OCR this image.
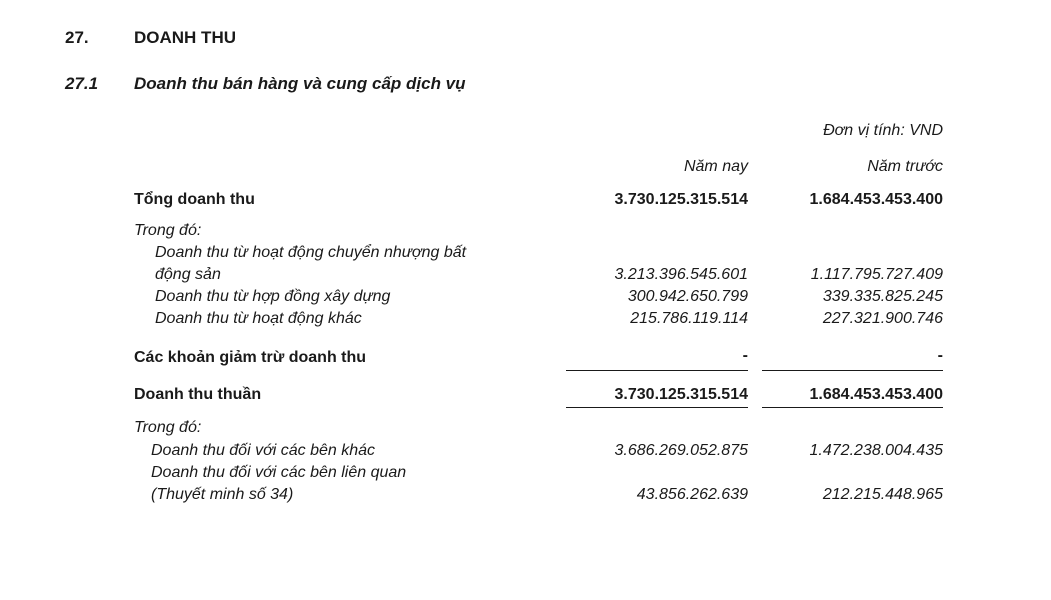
27.	DOANH THU
27.1 Doanh thu bán hàng và cung cấp dịch vụ
Đơn vị tính: VND
Năm nay	Năm trước
Tổng doanh thu	3.730.125.315.514	1.684.453.453.400
Trong đó:
Doanh thu từ hoạt động chuyển nhượng bất
động sản	3.213.396.545.601	1.117.795.727.409
Doanh thu từ hợp đồng xây dựng	300.942.650.799	339.335.825.245
Doanh thu từ hoạt động khác	215.786.119.114	227.321.900.746
Các khoản giảm trừ doanh thu	-	-
Doanh thu thuần	3.730.125.315.514	1.684.453.453.400
Trong đó:
Doanh thu đối với các bên khác	3.686.269.052.875	1.472.238.004.435
Doanh thu đối với các bên liên quan
(Thuyết minh số 34)	43.856.262.639	212.215.448.965
